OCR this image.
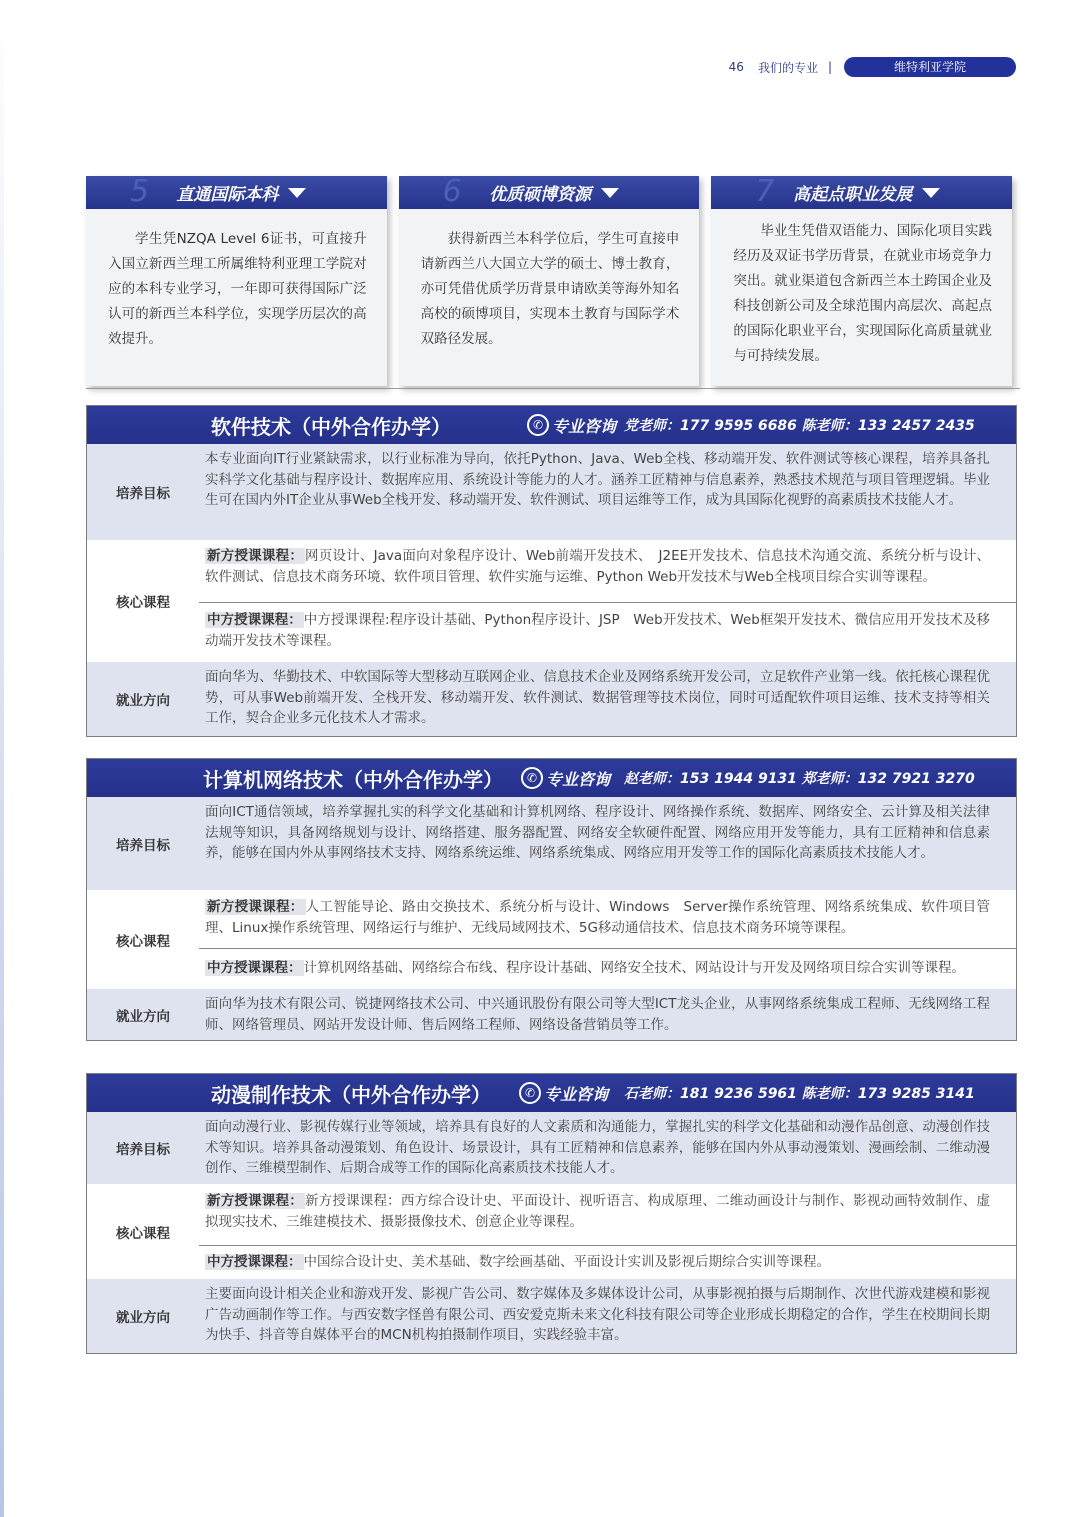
46 我们的专业 |	维特利亚学院
5 直通国际本科
学生凭NZQA Level 6证书，可直接升入国立新西兰理工所属维特利亚理工学院对应的本科专业学习，一年即可获得国际广泛认可的新西兰本科学位，实现学历层次的高效提升。
6 优质硕博资源
获得新西兰本科学位后，学生可直接申请新西兰八大国立大学的硕士、博士教育，亦可凭借优质学历背景申请欧美等海外知名高校的硕博项目，实现本土教育与国际学术双路径发展。
7 高起点职业发展
毕业生凭借双语能力、国际化项目实践经历及双证书学历背景，在就业市场竞争力突出。就业渠道包含新西兰本土跨国企业及科技创新公司及全球范围内高层次、高起点的国际化职业平台，实现国际化高质量就业与可持续发展。
软件技术（中外合作办学）	✆ 专业咨询 党老师：177 9595 6686 陈老师：133 2457 2435
培养目标
本专业面向IT行业紧缺需求，以行业标准为导向，依托Python、Java、Web全栈、移动端开发、软件测试等核心课程，培养具备扎实科学文化基础与程序设计、数据库应用、系统设计等能力的人才。涵养工匠精神与信息素养，熟悉技术规范与项目管理逻辑。毕业生可在国内外IT企业从事Web全栈开发、移动端开发、软件测试、项目运维等工作，成为具国际化视野的高素质技术技能人才。
核心课程
新方授课课程： 网页设计、Java面向对象程序设计、Web前端开发技术、　J2EE开发技术、信息技术沟通交流、系统分析与设计、软件测试、信息技术商务环境、软件项目管理、软件实施与运维、Python Web开发技术与Web全栈项目综合实训等课程。
中方授课课程： 中方授课课程:程序设计基础、Python程序设计、JSP　Web开发技术、Web框架开发技术、微信应用开发技术及移动端开发技术等课程。
就业方向
面向华为、华勤技术、中软国际等大型移动互联网企业、信息技术企业及网络系统开发公司，立足软件产业第一线。依托核心课程优势，可从事Web前端开发、全栈开发、移动端开发、软件测试、数据管理等技术岗位，同时可适配软件项目运维、技术支持等相关工作，契合企业多元化技术人才需求。
计算机网络技术（中外合作办学）	✆ 专业咨询 赵老师：153 1944 9131 郑老师：132 7921 3270
培养目标
面向ICT通信领域，培养掌握扎实的科学文化基础和计算机网络、程序设计、网络操作系统、数据库、网络安全、云计算及相关法律法规等知识，具备网络规划与设计、网络搭建、服务器配置、网络安全软硬件配置、网络应用开发等能力，具有工匠精神和信息素养，能够在国内外从事网络技术支持、网络系统运维、网络系统集成、网络应用开发等工作的国际化高素质技术技能人才。
核心课程
新方授课课程： 人工智能导论、路由交换技术、系统分析与设计、Windows　Server操作系统管理、网络系统集成、软件项目管理、Linux操作系统管理、网络运行与维护、无线局域网技术、5G移动通信技术、信息技术商务环境等课程。
中方授课课程： 计算机网络基础、网络综合布线、程序设计基础、网络安全技术、网站设计与开发及网络项目综合实训等课程。
就业方向
面向华为技术有限公司、锐捷网络技术公司、中兴通讯股份有限公司等大型ICT龙头企业，从事网络系统集成工程师、无线网络工程师、网络管理员、网站开发设计师、售后网络工程师、网络设备营销员等工作。
动漫制作技术（中外合作办学）	✆ 专业咨询 石老师：181 9236 5961 陈老师：173 9285 3141
培养目标
面向动漫行业、影视传媒行业等领域，培养具有良好的人文素质和沟通能力，掌握扎实的科学文化基础和动漫作品创意、动漫创作技术等知识。培养具备动漫策划、角色设计、场景设计，具有工匠精神和信息素养，能够在国内外从事动漫策划、漫画绘制、二维动漫创作、三维模型制作、后期合成等工作的国际化高素质技术技能人才。
核心课程
新方授课课程： 新方授课课程：西方综合设计史、平面设计、视听语言、构成原理、二维动画设计与制作、影视动画特效制作、虚拟现实技术、三维建模技术、摄影摄像技术、创意企业等课程。
中方授课课程： 中国综合设计史、美术基础、数字绘画基础、平面设计实训及影视后期综合实训等课程。
就业方向
主要面向设计相关企业和游戏开发、影视广告公司、数字媒体及多媒体设计公司，从事影视拍摄与后期制作、次世代游戏建模和影视广告动画制作等工作。与西安数字怪兽有限公司、西安爱克斯未来文化科技有限公司等企业形成长期稳定的合作，学生在校期间长期为快手、抖音等自媒体平台的MCN机构拍摄制作项目，实践经验丰富。
